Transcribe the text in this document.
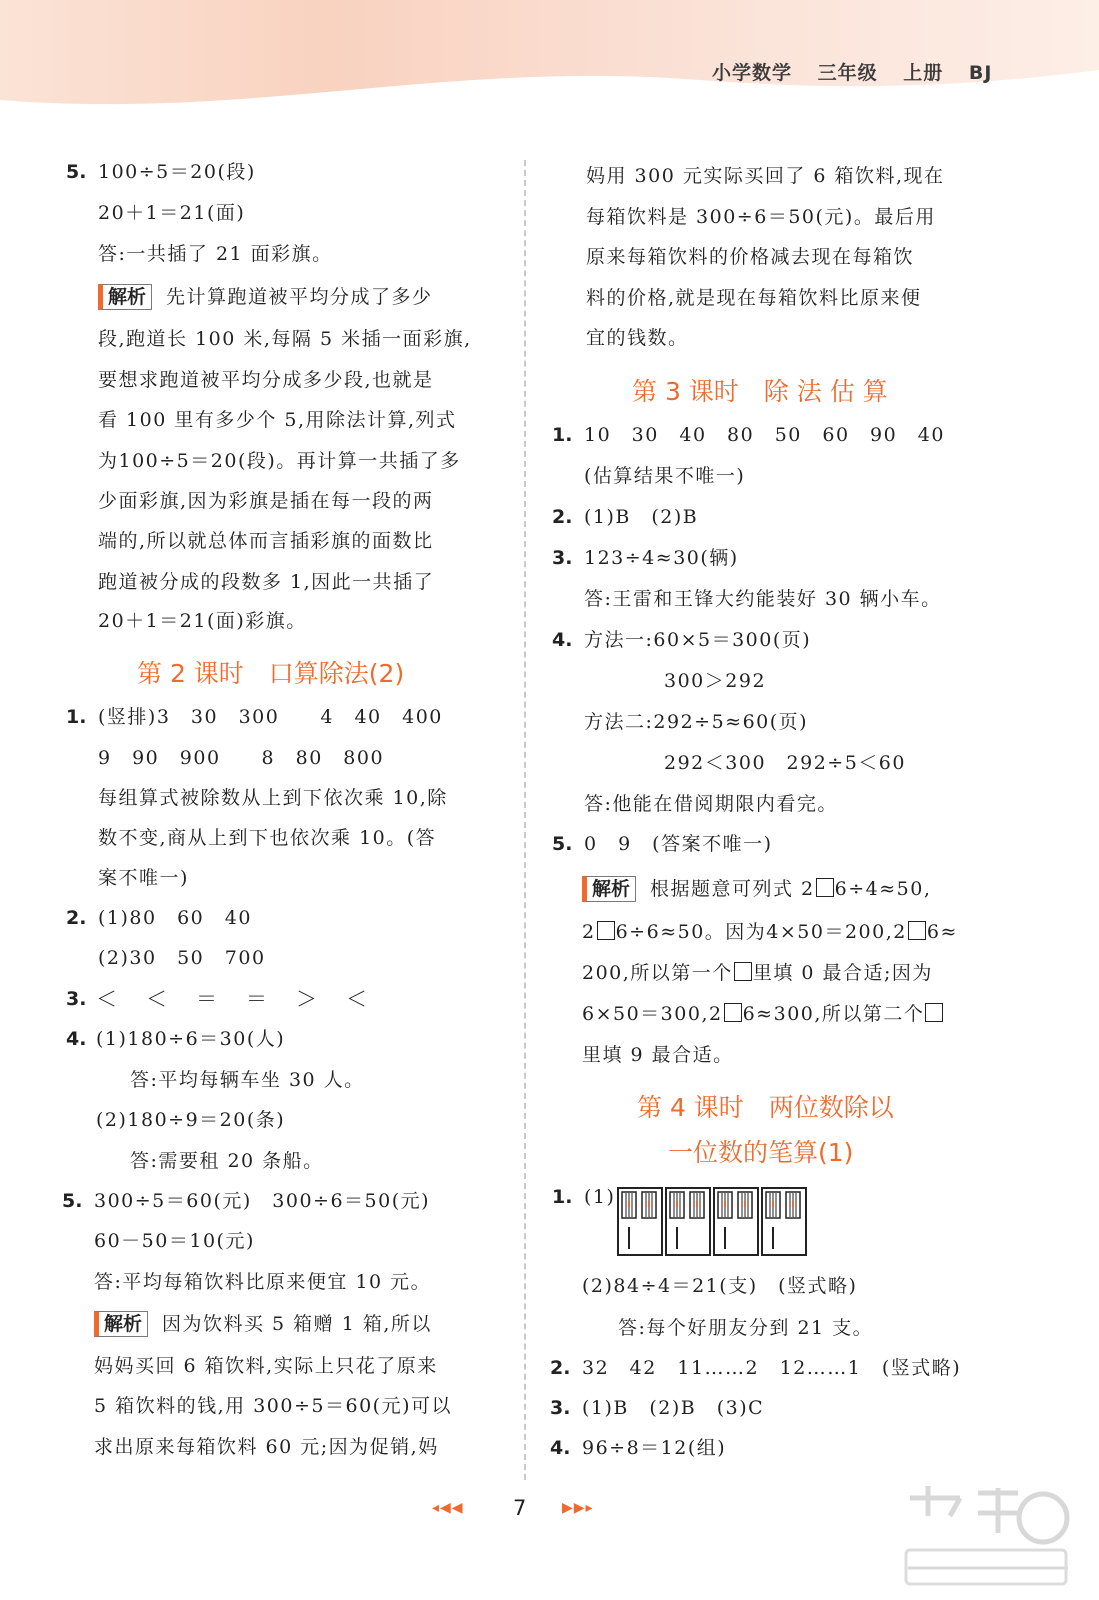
小学数学 三年级 上册 BJ
5. 100÷5＝20(段)
20＋1＝21(面)
答:一共插了 21 面彩旗。
解析 先计算跑道被平均分成了多少
段,跑道长 100 米,每隔 5 米插一面彩旗,
要想求跑道被平均分成多少段,也就是
看 100 里有多少个 5,用除法计算,列式
为100÷5＝20(段)。再计算一共插了多
少面彩旗,因为彩旗是插在每一段的两
端的,所以就总体而言插彩旗的面数比
跑道被分成的段数多 1,因此一共插了
20＋1＝21(面)彩旗。
第 2 课时　口算除法(2)
1. (竖排)3　30　300　　4　40　400
9　90　900　　8　80　800
每组算式被除数从上到下依次乘 10,除
数不变,商从上到下也依次乘 10。(答
案不唯一)
2. (1)80　60　40
(2)30　50　700
3. ＜　＜　＝　＝　＞　＜
4. (1)180÷6＝30(人)
答:平均每辆车坐 30 人。
(2)180÷9＝20(条)
答:需要租 20 条船。
5. 300÷5＝60(元)　300÷6＝50(元)
60－50＝10(元)
答:平均每箱饮料比原来便宜 10 元。
解析 因为饮料买 5 箱赠 1 箱,所以
妈妈买回 6 箱饮料,实际上只花了原来
5 箱饮料的钱,用 300÷5＝60(元)可以
求出原来每箱饮料 60 元;因为促销,妈
妈用 300 元实际买回了 6 箱饮料,现在
每箱饮料是 300÷6＝50(元)。最后用
原来每箱饮料的价格减去现在每箱饮
料的价格,就是现在每箱饮料比原来便
宜的钱数。
第 3 课时　除 法 估 算
1. 10　30　40　80　50　60　90　40
(估算结果不唯一)
2. (1)B　(2)B
3. 123÷4≈30(辆)
答:王雷和王锋大约能装好 30 辆小车。
4. 方法一:60×5＝300(页)
300＞292
方法二:292÷5≈60(页)
292＜300　292÷5＜60
答:他能在借阅期限内看完。
5. 0　9　(答案不唯一)
解析 根据题意可列式 2 6÷4≈50,
2 6÷6≈50。因为4×50＝200,2 6≈
200,所以第一个 里填 0 最合适;因为
6×50＝300,2 6≈300,所以第二个
里填 9 最合适。
第 4 课时　两位数除以
一位数的笔算(1)
1. (1)
(2)84÷4＝21(支)　(竖式略)
答:每个好朋友分到 21 支。
2. 32　42　11……2　12……1　(竖式略)
3. (1)B　(2)B　(3)C
4. 96÷8＝12(组)
◂◀◀ 7	▶▶▸
